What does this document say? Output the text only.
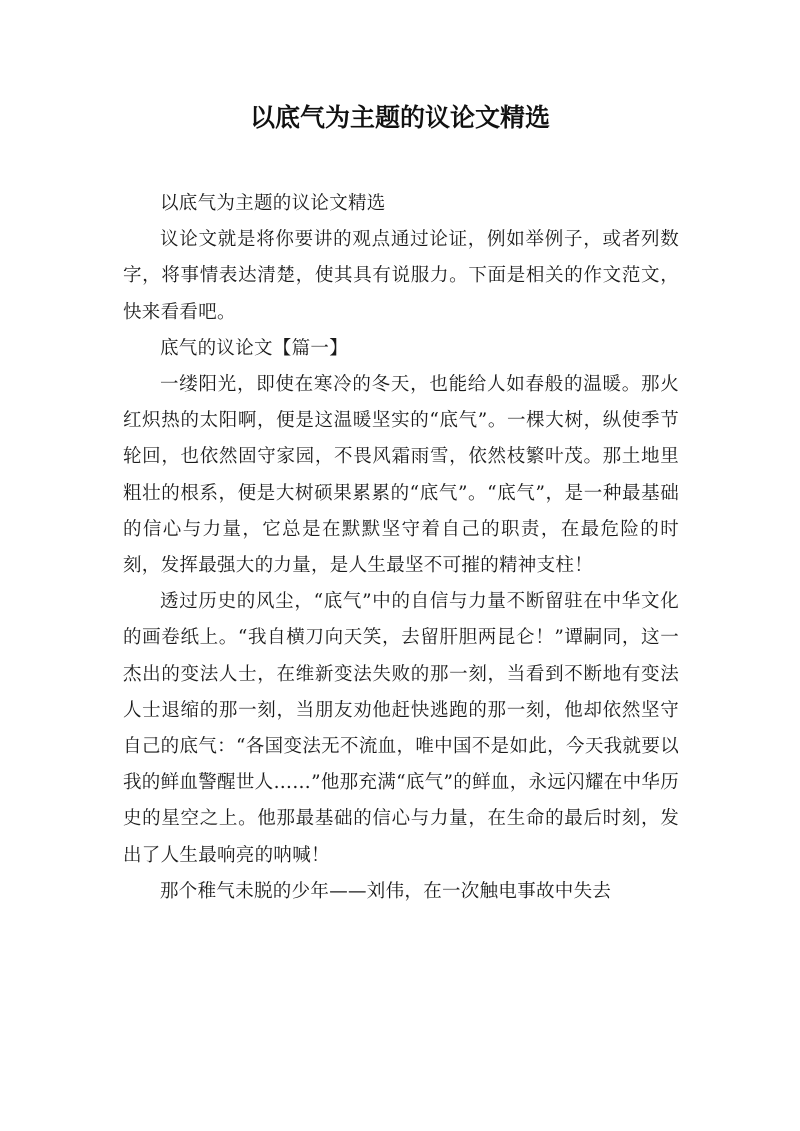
以底气为主题的议论文精选

以底气为主题的议论文精选

议论文就是将你要讲的观点通过论证，例如举例子，或者列数字，将事情表达清楚，使其具有说服力。下面是相关的作文范文，快来看看吧。

底气的议论文【篇一】

一缕阳光，即使在寒冷的冬天，也能给人如春般的温暖。那火红炽热的太阳啊，便是这温暖坚实的“底气”。一棵大树，纵使季节轮回，也依然固守家园，不畏风霜雨雪，依然枝繁叶茂。那土地里粗壮的根系，便是大树硕果累累的“底气”。“底气”，是一种最基础的信心与力量，它总是在默默坚守着自己的职责，在最危险的时刻，发挥最强大的力量，是人生最坚不可摧的精神支柱！

透过历史的风尘，“底气”中的自信与力量不断留驻在中华文化的画卷纸上。“我自横刀向天笑，去留肝胆两昆仑！”谭嗣同，这一杰出的变法人士，在维新变法失败的那一刻，当看到不断地有变法人士退缩的那一刻，当朋友劝他赶快逃跑的那一刻，他却依然坚守自己的底气：“各国变法无不流血，唯中国不是如此，今天我就要以我的鲜血警醒世人……”他那充满“底气”的鲜血，永远闪耀在中华历史的星空之上。他那最基础的信心与力量，在生命的最后时刻，发出了人生最响亮的呐喊！

那个稚气未脱的少年——刘伟，在一次触电事故中失去
